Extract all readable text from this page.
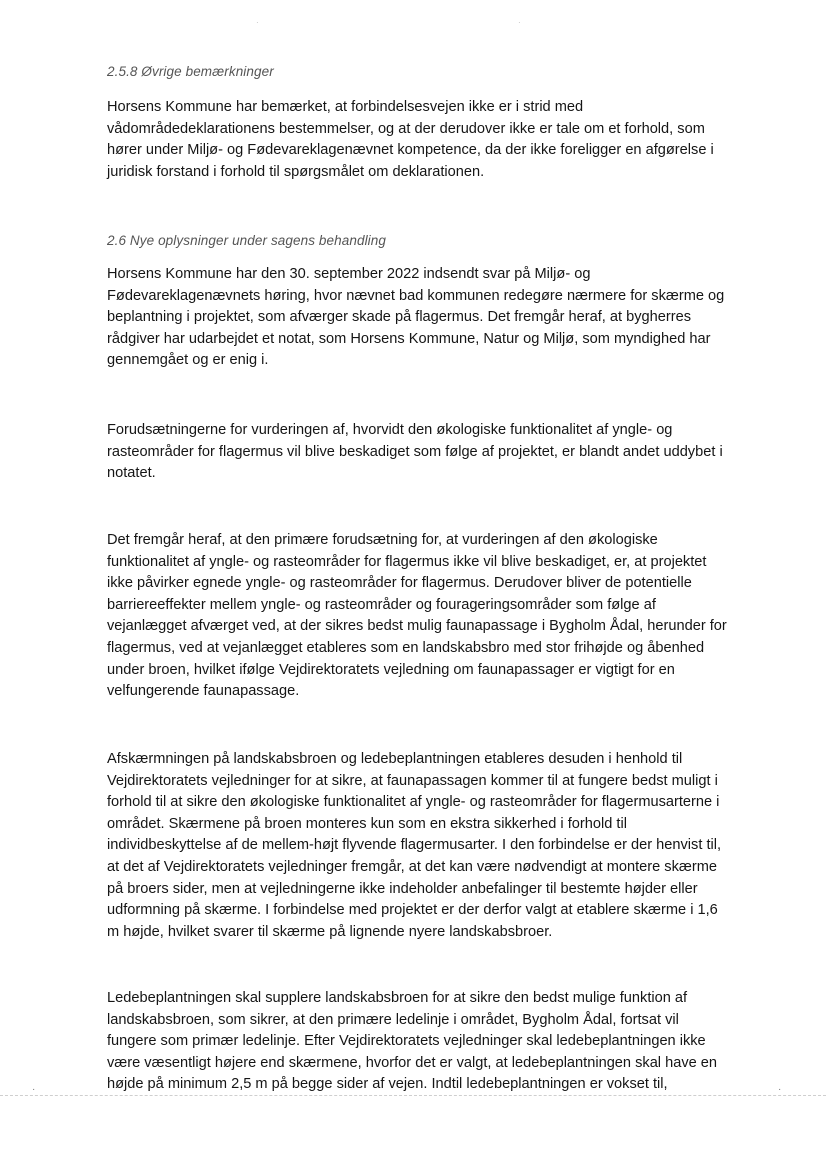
·	·
2.5.8 Øvrige bemærkninger

Horsens Kommune har bemærket, at forbindelsesvejen ikke er i strid med vådområdedeklarationens bestemmelser, og at der derudover ikke er tale om et forhold, som hører under Miljø- og Fødevareklagenævnet kompetence, da der ikke foreligger en afgørelse i juridisk forstand i forhold til spørgsmålet om deklarationen.

2.6 Nye oplysninger under sagens behandling

Horsens Kommune har den 30. september 2022 indsendt svar på Miljø- og Fødevareklagenævnets høring, hvor nævnet bad kommunen redegøre nærmere for skærme og beplantning i projektet, som afværger skade på flagermus. Det fremgår heraf, at bygherres rådgiver har udarbejdet et notat, som Horsens Kommune, Natur og Miljø, som myndighed har gennemgået og er enig i.

Forudsætningerne for vurderingen af, hvorvidt den økologiske funktionalitet af yngle- og rasteområder for flagermus vil blive beskadiget som følge af projektet, er blandt andet uddybet i notatet.

Det fremgår heraf, at den primære forudsætning for, at vurderingen af den økologiske funktionalitet af yngle- og rasteområder for flagermus ikke vil blive beskadiget, er, at projektet ikke påvirker egnede yngle- og rasteområder for flagermus. Derudover bliver de potentielle barriereeffekter mellem yngle- og rasteområder og fourageringsområder som følge af vejanlægget afværget ved, at der sikres bedst mulig faunapassage i Bygholm Ådal, herunder for flagermus, ved at vejanlægget etableres som en landskabsbro med stor frihøjde og åbenhed under broen, hvilket ifølge Vejdirektoratets vejledning om faunapassager er vigtigt for en velfungerende faunapassage.

Afskærmningen på landskabsbroen og ledebeplantningen etableres desuden i henhold til Vejdirektoratets vejledninger for at sikre, at faunapassagen kommer til at fungere bedst muligt i forhold til at sikre den økologiske funktionalitet af yngle- og rasteområder for flagermusarterne i området. Skærmene på broen monteres kun som en ekstra sikkerhed i forhold til individbeskyttelse af de mellem-højt flyvende flagermusarter. I den forbindelse er der henvist til, at det af Vejdirektoratets vejledninger fremgår, at det kan være nødvendigt at montere skærme på broers sider, men at vejledningerne ikke indeholder anbefalinger til bestemte højder eller udformning på skærme. I forbindelse med projektet er der derfor valgt at etablere skærme i 1,6 m højde, hvilket svarer til skærme på lignende nyere landskabsbroer.

Ledebeplantningen skal supplere landskabsbroen for at sikre den bedst mulige funktion af landskabsbroen, som sikrer, at den primære ledelinje i området, Bygholm Ådal, fortsat vil fungere som primær ledelinje. Efter Vejdirektoratets vejledninger skal ledebeplantningen ikke være væsentligt højere end skærmene, hvorfor det er valgt, at ledebeplantningen skal have en højde på minimum 2,5 m på begge sider af vejen. Indtil ledebeplantningen er vokset til,

·	·
